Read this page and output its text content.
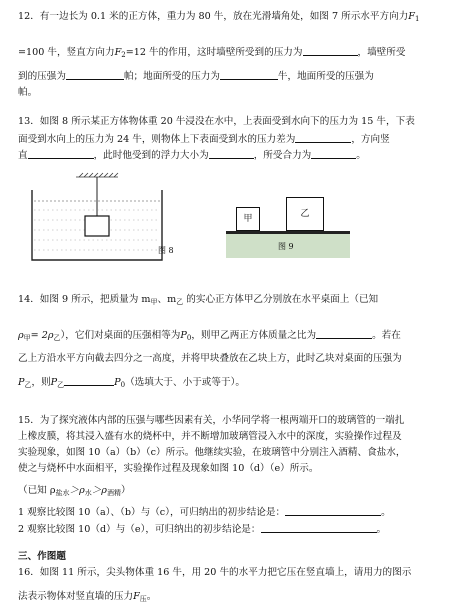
12．有一边长为 0.1 米的正方体，重力为 80 牛，放在光滑墙角处，如图 7 所示水平方向力$F_1$
=100 牛，竖直方向力$F_2=12$ 牛的作用，这时墙壁所受到的压力为	，墙壁所受
到的压强为	帕；地面所受的压力为	牛，地面所受的压强为
帕。
13．如图 8 所示某正方体物体重 20 牛浸没在水中，上表面受到水向下的压力为 15 牛，下表
面受到水向上的压力为 24 牛，则物体上下表面受到水的压力差为	，方向竖
直	，此时他受到的浮力大小为	，所受合力为	。
图 8
甲	乙
图 9
14．如图 9 所示，把质量为 $m_甲$、$m_乙$ 的实心正方体甲乙分别放在水平桌面上（已知
$\rho_甲= 2\rho_乙$），它们对桌面的压强相等为$P_0$，则甲乙两正方体质量之比为	。若在
乙上方沿水平方向截去四分之一高度，并将甲块叠放在乙块上方，此时乙块对桌面的压强为
$P_乙$，则$P_乙$	$P_0$（选填大于、小于或等于）。
15．为了探究液体内部的压强与哪些因素有关，小华同学将一根两端开口的玻璃管的一端扎
上橡皮膜，将其浸入盛有水的烧杯中，并不断增加玻璃管浸入水中的深度，实验操作过程及
实验现象，如图 10（a）（b）（c）所示。他继续实验，在玻璃管中分别注入酒精、食盐水，
使之与烧杯中水面相平，实验操作过程及现象如图 10（d）（e）所示。
（已知 $\rho_{盐水}>\rho_水>\rho_{酒精}$）
1 观察比较图 10（a）、（b）与（c），可归纳出的初步结论是：	。
2 观察比较图 10（d）与（e），可归纳出的初步结论是：	。
三、作图题
16．如图 11 所示，尖头物体重 16 牛，用 20 牛的水平力把它压在竖直墙上，请用力的图示
法表示物体对竖直墙的压力$F_压$。
